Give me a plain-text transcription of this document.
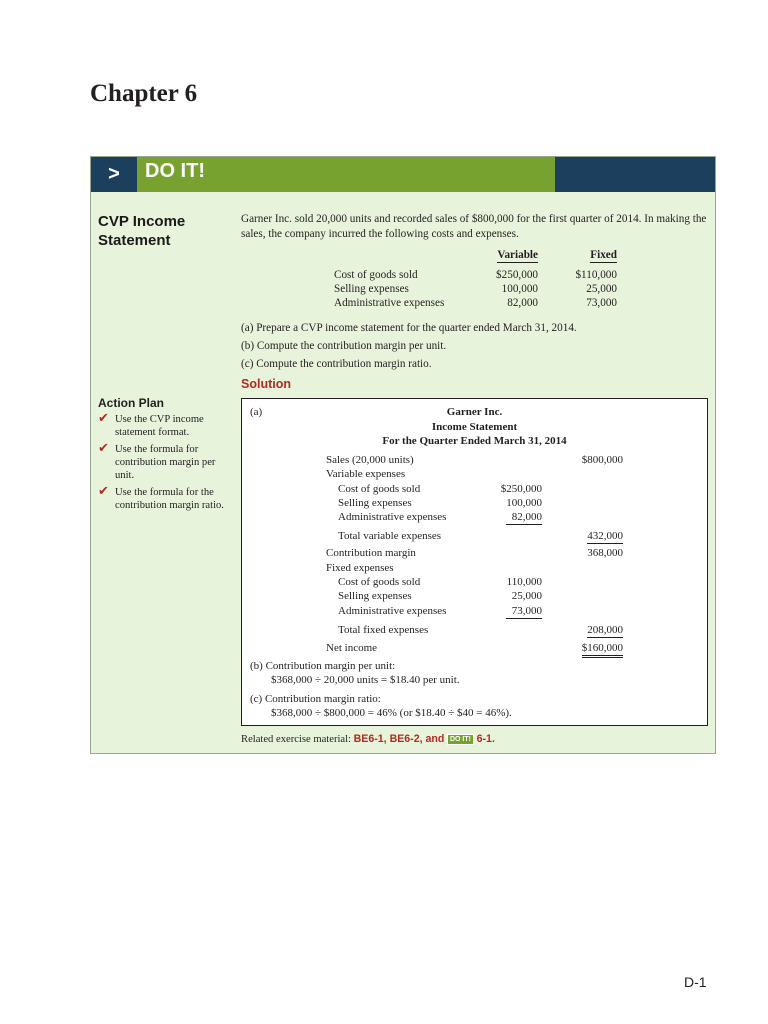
Chapter 6
>	DO IT!
CVP Income Statement
Garner Inc. sold 20,000 units and recorded sales of $800,000 for the first quarter of 2014. In making the sales, the company incurred the following costs and expenses.
Variable	Fixed
Cost of goods sold	$250,000	$110,000
Selling expenses	100,000	25,000
Administrative expenses	82,000	73,000
(a) Prepare a CVP income statement for the quarter ended March 31, 2014.
(b) Compute the contribution margin per unit.
(c) Compute the contribution margin ratio.
Solution
Action Plan
✔ Use the CVP income statement format.
✔ Use the formula for contribution margin per unit.
✔ Use the formula for the contribution margin ratio.
(a)	Garner Inc.
Income Statement
For the Quarter Ended March 31, 2014
Sales (20,000 units)	$800,000
Variable expenses
Cost of goods sold	$250,000
Selling expenses	100,000
Administrative expenses	82,000
Total variable expenses	432,000
Contribution margin	368,000
Fixed expenses
Cost of goods sold	110,000
Selling expenses	25,000
Administrative expenses	73,000
Total fixed expenses	208,000
Net income	$160,000
(b) Contribution margin per unit:
$368,000 ÷ 20,000 units = $18.40 per unit.
(c) Contribution margin ratio:
$368,000 ÷ $800,000 = 46% (or $18.40 ÷ $40 = 46%).
Related exercise material: BE6-1, BE6-2, and DO IT! 6-1.
D-1
